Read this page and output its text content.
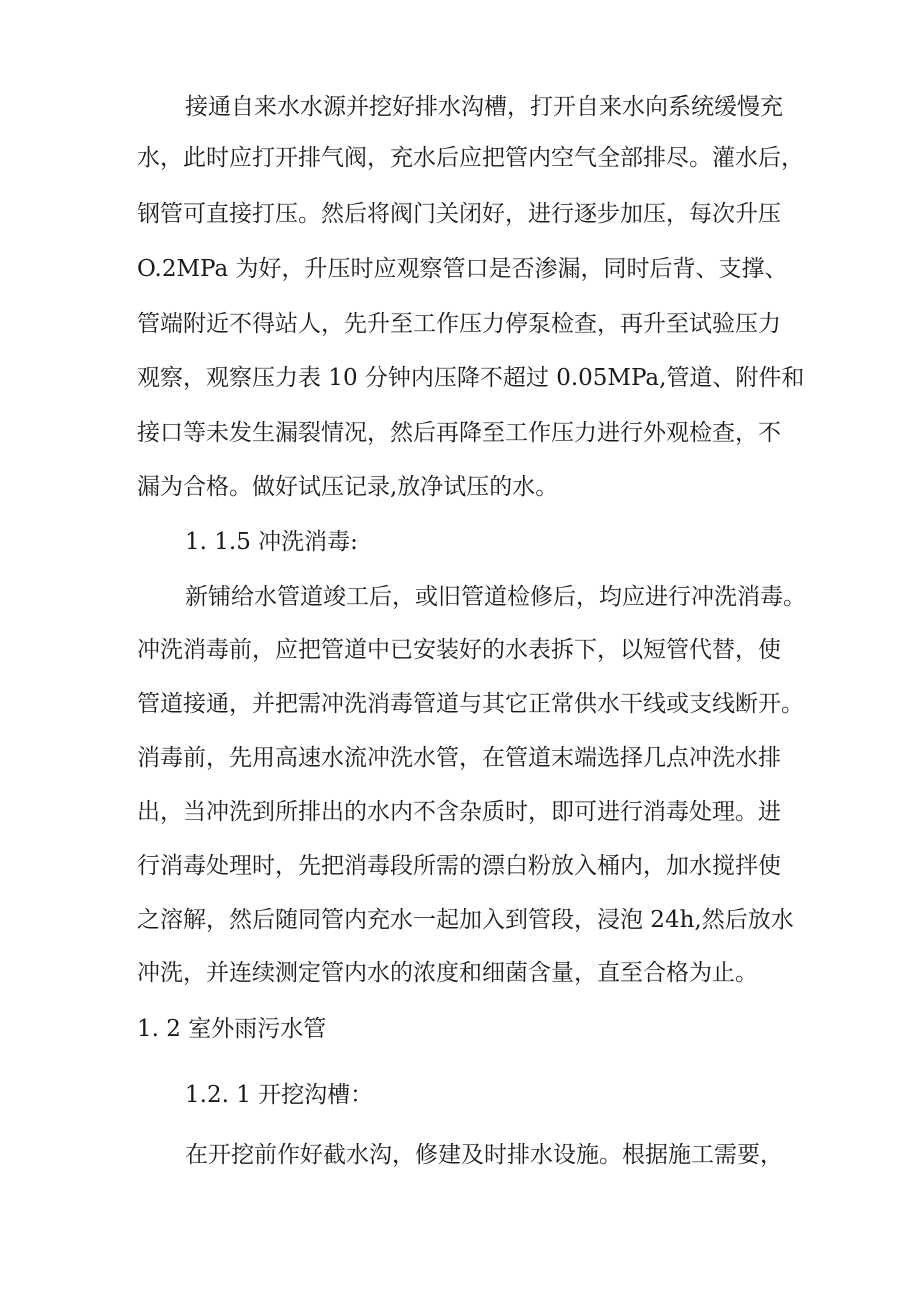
接通自来水水源并挖好排水沟槽，打开自来水向系统缓慢充

水，此时应打开排气阀，充水后应把管内空气全部排尽。灌水后，

钢管可直接打压。然后将阀门关闭好，进行逐步加压，每次升压

O.2MPa 为好，升压时应观察管口是否渗漏，同时后背、支撑、

管端附近不得站人，先升至工作压力停泵检查，再升至试验压力

观察，观察压力表 10 分钟内压降不超过 0.05MPa,管道、附件和

接口等未发生漏裂情况，然后再降至工作压力进行外观检查，不

漏为合格。做好试压记录,放净试压的水。

1. 1.5 冲洗消毒:

新铺给水管道竣工后，或旧管道检修后，均应进行冲洗消毒。

冲洗消毒前，应把管道中已安装好的水表拆下，以短管代替，使

管道接通，并把需冲洗消毒管道与其它正常供水干线或支线断开。

消毒前，先用高速水流冲洗水管，在管道末端选择几点冲洗水排

出，当冲洗到所排出的水内不含杂质时，即可进行消毒处理。进

行消毒处理时，先把消毒段所需的漂白粉放入桶内，加水搅拌使

之溶解，然后随同管内充水一起加入到管段，浸泡 24h,然后放水

冲洗，并连续测定管内水的浓度和细菌含量，直至合格为止。

1. 2 室外雨污水管

1.2. 1 开挖沟槽：

在开挖前作好截水沟，修建及时排水设施。根据施工需要，
